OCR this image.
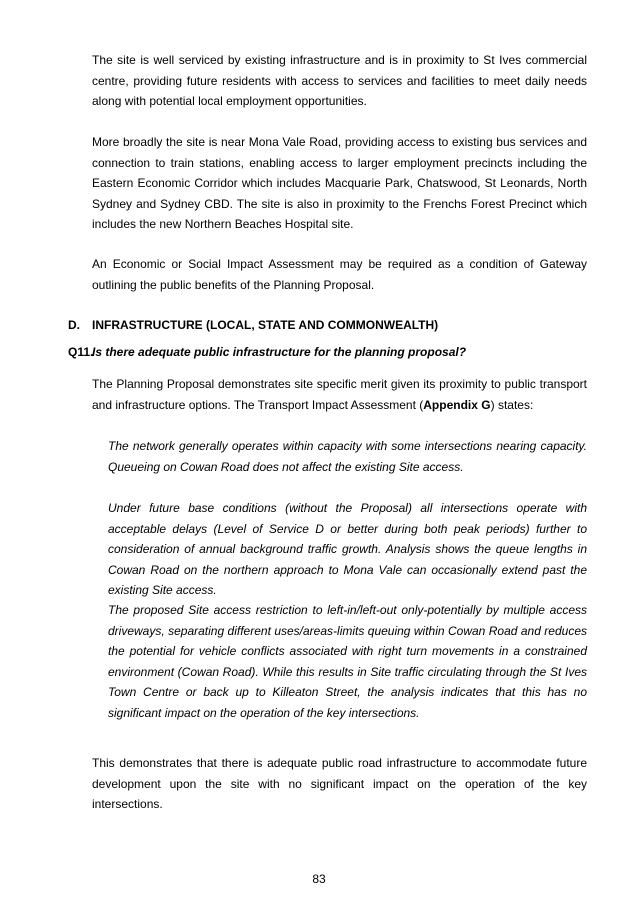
The site is well serviced by existing infrastructure and is in proximity to St Ives commercial centre, providing future residents with access to services and facilities to meet daily needs along with potential local employment opportunities.

More broadly the site is near Mona Vale Road, providing access to existing bus services and connection to train stations, enabling access to larger employment precincts including the Eastern Economic Corridor which includes Macquarie Park, Chatswood, St Leonards, North Sydney and Sydney CBD. The site is also in proximity to the Frenchs Forest Precinct which includes the new Northern Beaches Hospital site.

An Economic or Social Impact Assessment may be required as a condition of Gateway outlining the public benefits of the Planning Proposal.

D. INFRASTRUCTURE (LOCAL, STATE AND COMMONWEALTH)
Q11.
Is there adequate public infrastructure for the planning proposal?

The Planning Proposal demonstrates site specific merit given its proximity to public transport and infrastructure options. The Transport Impact Assessment (Appendix G) states:

The network generally operates within capacity with some intersections nearing capacity. Queueing on Cowan Road does not affect the existing Site access.

Under future base conditions (without the Proposal) all intersections operate with acceptable delays (Level of Service D or better during both peak periods) further to consideration of annual background traffic growth. Analysis shows the queue lengths in Cowan Road on the northern approach to Mona Vale can occasionally extend past the existing Site access.

The proposed Site access restriction to left-in/left-out only‐potentially by multiple access driveways, separating different uses/areas‐limits queuing within Cowan Road and reduces the potential for vehicle conflicts associated with right turn movements in a constrained environment (Cowan Road). While this results in Site traffic circulating through the St Ives Town Centre or back up to Killeaton Street, the analysis indicates that this has no significant impact on the operation of the key intersections.

This demonstrates that there is adequate public road infrastructure to accommodate future development upon the site with no significant impact on the operation of the key intersections.

83
